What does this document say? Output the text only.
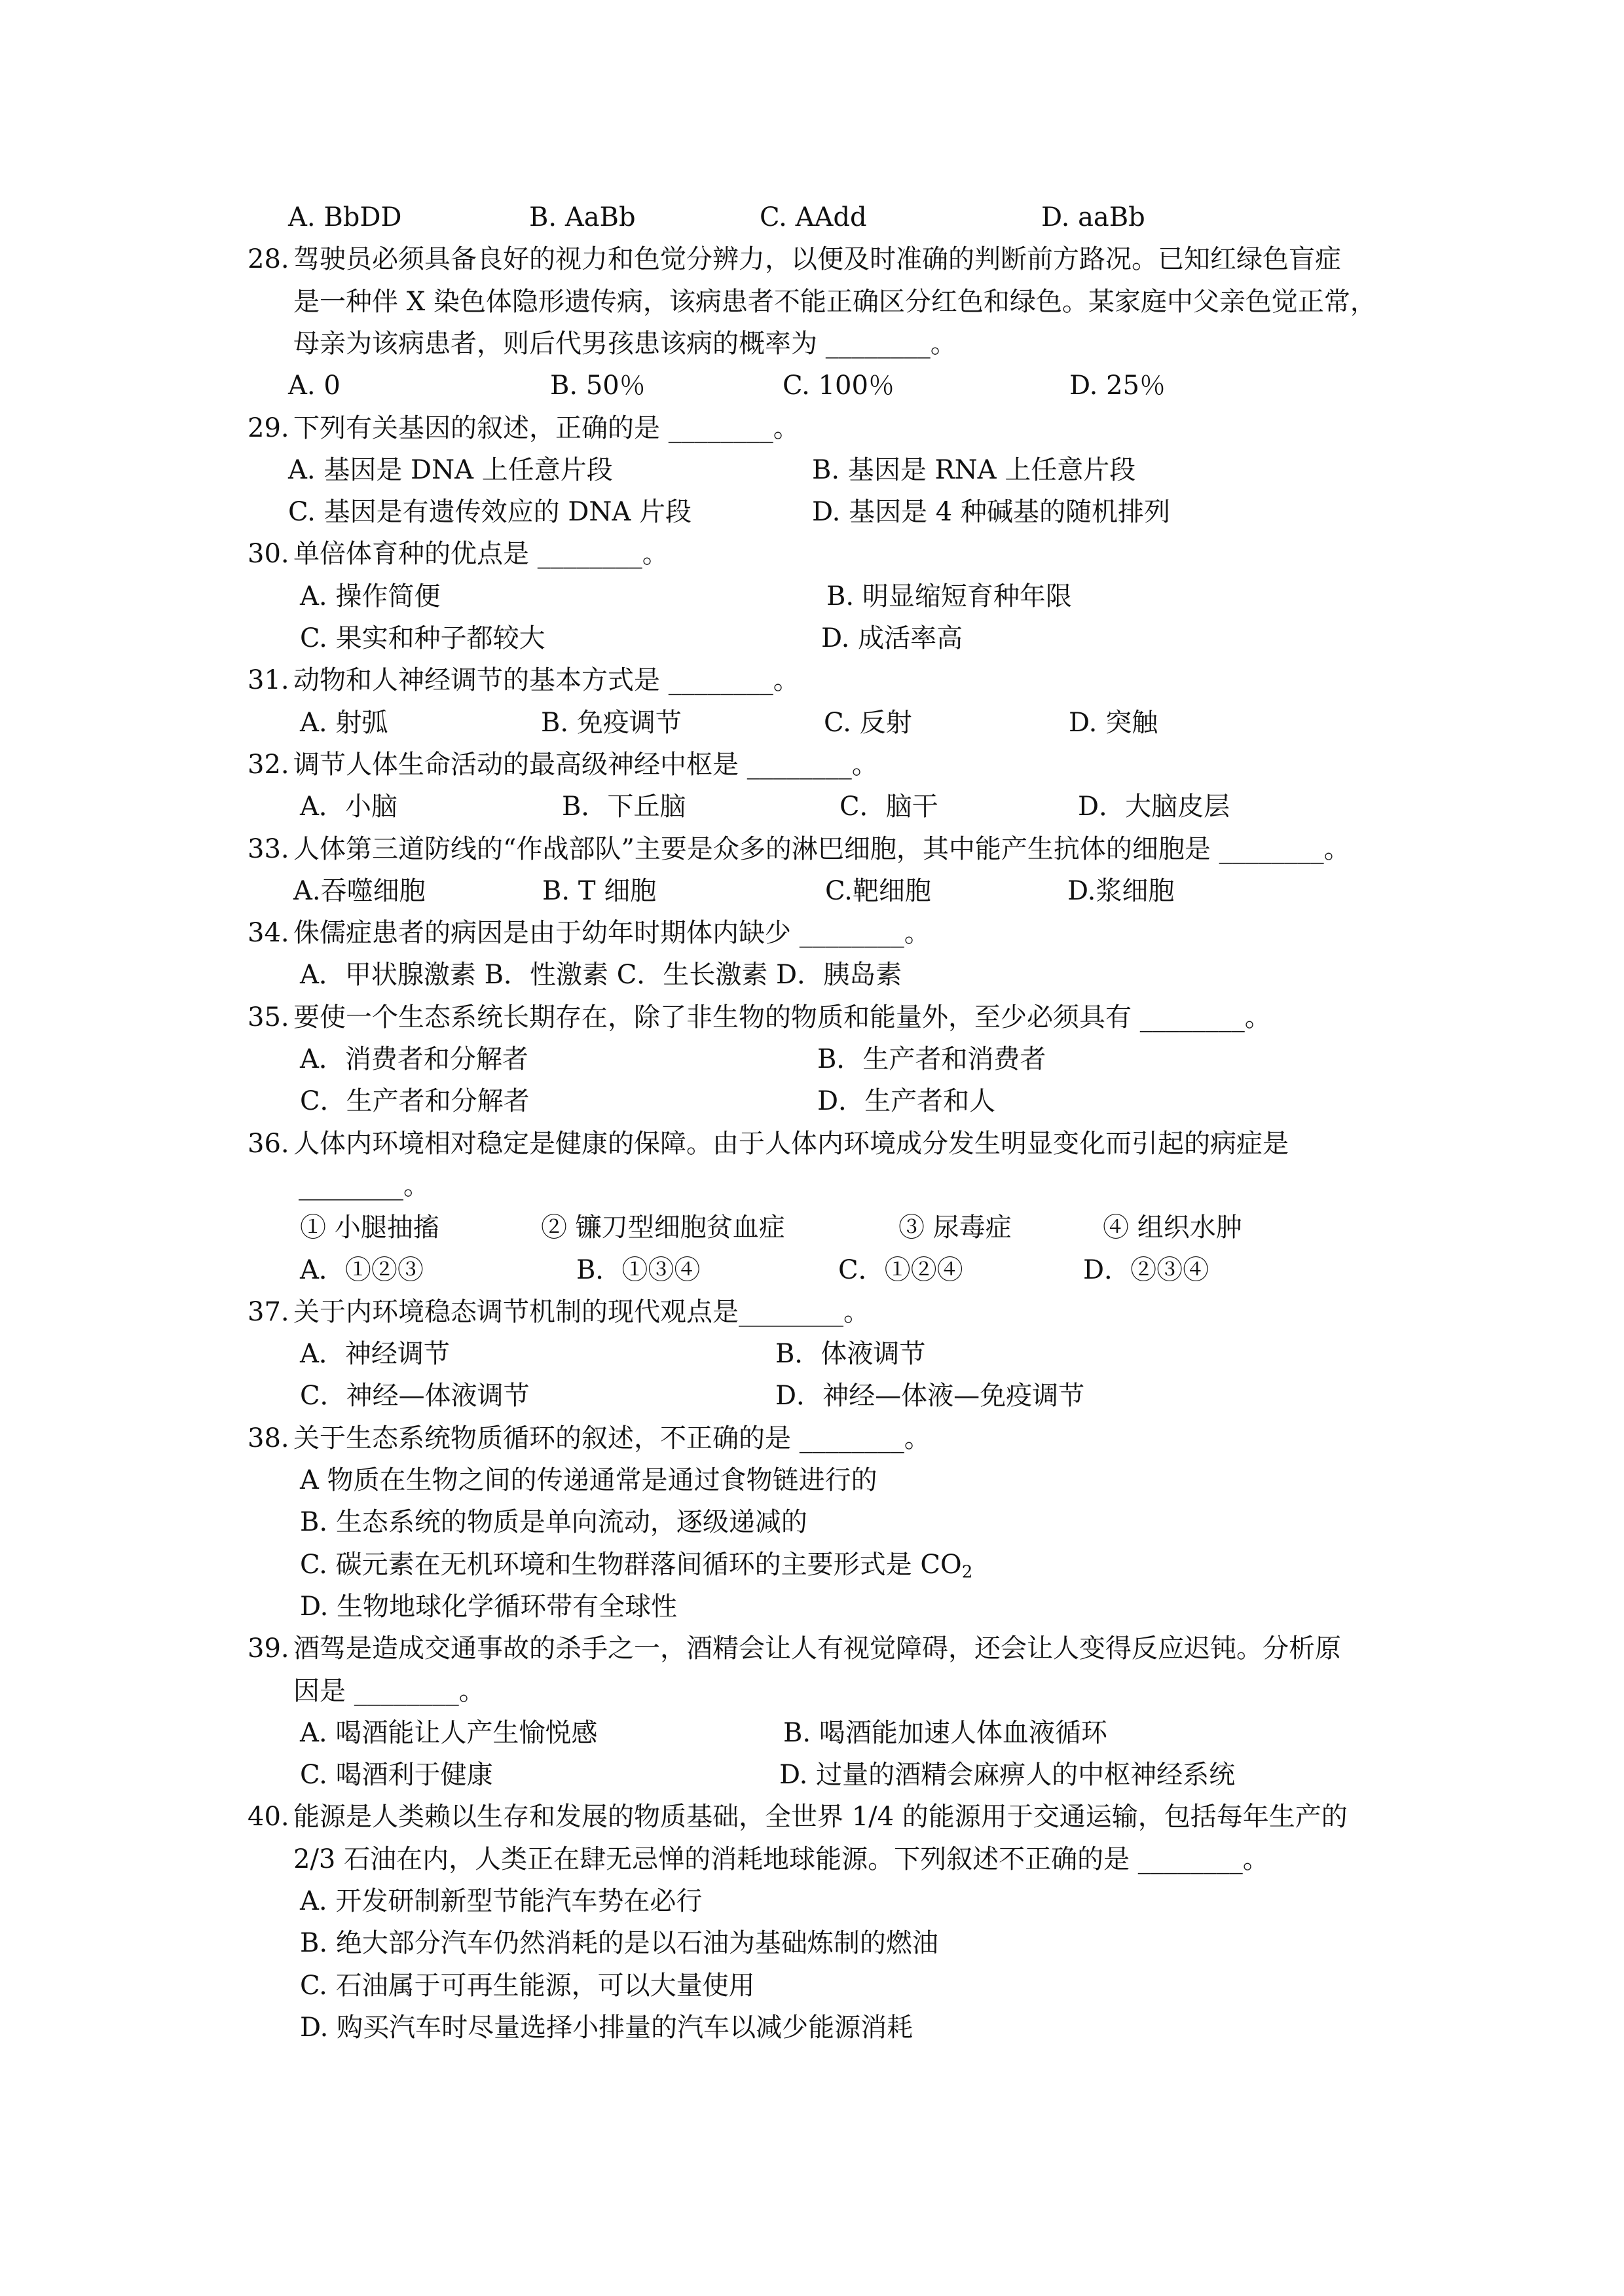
A. BbDD	B. AaBb	C. AAdd	D. aaBb
28. 驾驶员必须具备良好的视力和色觉分辨力，以便及时准确的判断前方路况。已知红绿色盲症
是一种伴 X 染色体隐形遗传病，该病患者不能正确区分红色和绿色。某家庭中父亲色觉正常，
母亲为该病患者，则后代男孩患该病的概率为 ________。
A. 0	B. 50％	C. 100％	D. 25％
29. 下列有关基因的叙述，正确的是 ________。
A. 基因是 DNA 上任意片段	B. 基因是 RNA 上任意片段
C. 基因是有遗传效应的 DNA 片段	D. 基因是 4 种碱基的随机排列
30. 单倍体育种的优点是 ________。
A. 操作简便	B. 明显缩短育种年限
C. 果实和种子都较大	D. 成活率高
31. 动物和人神经调节的基本方式是 ________。
A. 射弧	B. 免疫调节	C. 反射	D. 突触
32. 调节人体生命活动的最高级神经中枢是 ________。
A．小脑	B．下丘脑	C．脑干	D．大脑皮层
33. 人体第三道防线的“作战部队”主要是众多的淋巴细胞，其中能产生抗体的细胞是 ________。
A.吞噬细胞	B. T 细胞	C.靶细胞	D.浆细胞
34. 侏儒症患者的病因是由于幼年时期体内缺少 ________。
A．甲状腺激素 B．性激素 C．生长激素 D．胰岛素
35. 要使一个生态系统长期存在，除了非生物的物质和能量外，至少必须具有 ________。
A．消费者和分解者	B．生产者和消费者
C．生产者和分解者	D．生产者和人
36. 人体内环境相对稳定是健康的保障。由于人体内环境成分发生明显变化而引起的病症是
________。
① 小腿抽搐	② 镰刀型细胞贫血症	③ 尿毒症	④ 组织水肿
A．①②③	B．①③④	C．①②④	D．②③④
37. 关于内环境稳态调节机制的现代观点是________。
A．神经调节	B．体液调节
C．神经—体液调节	D．神经—体液—免疫调节
38. 关于生态系统物质循环的叙述，不正确的是 ________。
A 物质在生物之间的传递通常是通过食物链进行的
B. 生态系统的物质是单向流动，逐级递减的
C. 碳元素在无机环境和生物群落间循环的主要形式是 $CO_2$
D. 生物地球化学循环带有全球性
39. 酒驾是造成交通事故的杀手之一，酒精会让人有视觉障碍，还会让人变得反应迟钝。分析原
因是 ________。
A. 喝酒能让人产生愉悦感	B. 喝酒能加速人体血液循环
C. 喝酒利于健康	D. 过量的酒精会麻痹人的中枢神经系统
40. 能源是人类赖以生存和发展的物质基础，全世界 1/4 的能源用于交通运输，包括每年生产的
2/3 石油在内，人类正在肆无忌惮的消耗地球能源。下列叙述不正确的是 ________。
A. 开发研制新型节能汽车势在必行
B. 绝大部分汽车仍然消耗的是以石油为基础炼制的燃油
C. 石油属于可再生能源，可以大量使用
D. 购买汽车时尽量选择小排量的汽车以减少能源消耗
